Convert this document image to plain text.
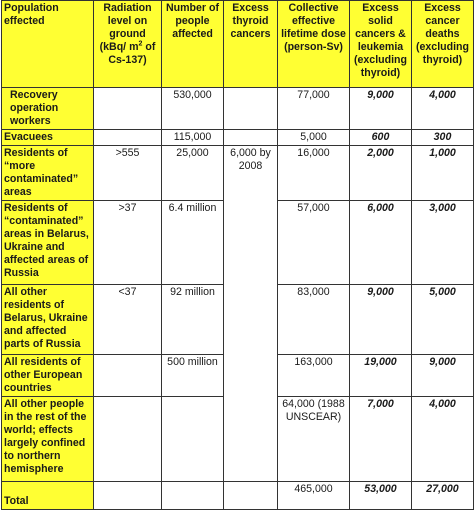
Population effected	Radiation level on ground (kBq/ $m^2$ of Cs-137)	Number of people affected	Excess thyroid cancers	Collective effective lifetime dose (person-Sv)	Excess solid cancers & leukemia (excluding thyroid)	Excess cancer deaths (excluding thyroid)
Recovery operation workers		530,000		77,000	9,000	4,000
Evacuees		115,000		5,000	600	300
Residents of “more contaminated” areas	>555	25,000	6,000 by 2008	16,000	2,000	1,000
Residents of “contaminated” areas in Belarus, Ukraine and affected areas of Russia	>37	6.4 million		57,000	6,000	3,000
All other residents of Belarus, Ukraine and affected parts of Russia	<37	92 million		83,000	9,000	5,000
All residents of other European countries		500 million		163,000	19,000	9,000
All other people in the rest of the world; effects largely confined to northern hemisphere				64,000 (1988 UNSCEAR)	7,000	4,000
Total				465,000	53,000	27,000
